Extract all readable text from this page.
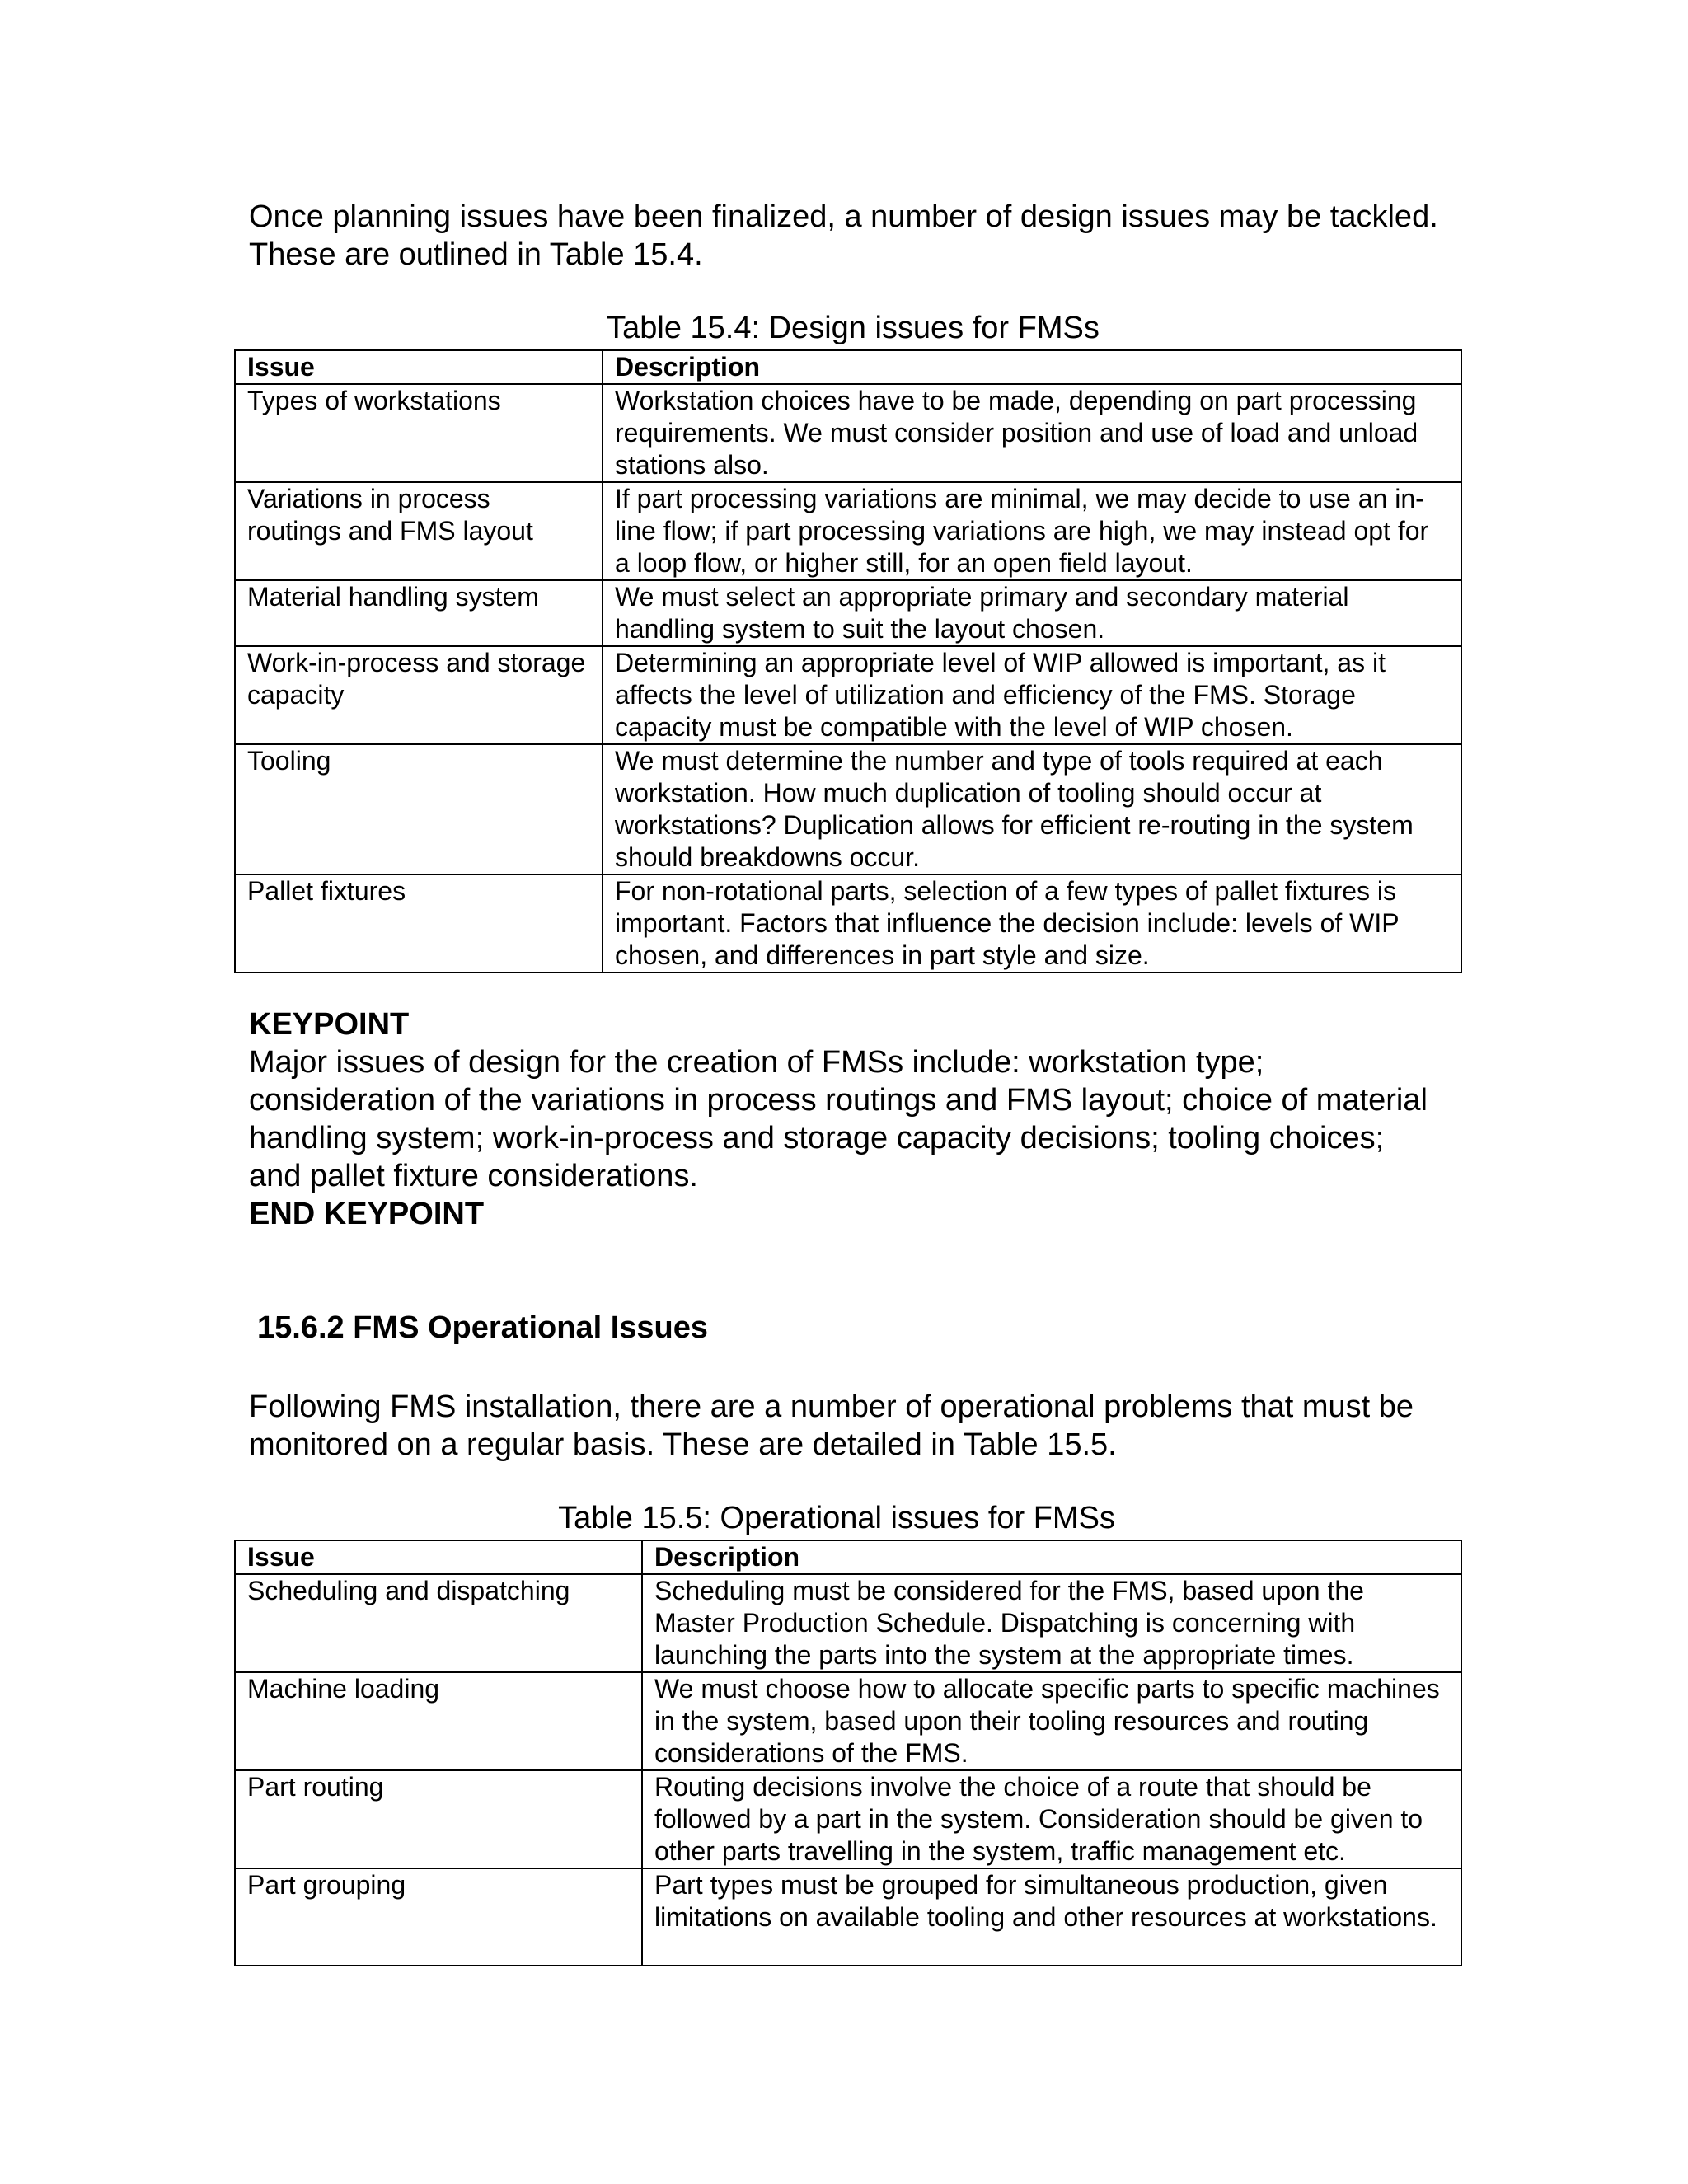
Once planning issues have been finalized, a number of design issues may be tackled. These are outlined in Table 15.4.

Table 15.4: Design issues for FMSs

Issue	Description
Types of workstations	Workstation choices have to be made, depending on part processing requirements. We must consider position and use of load and unload stations also.
Variations in process routings and FMS layout	If part processing variations are minimal, we may decide to use an in-line flow; if part processing variations are high, we may instead opt for a loop flow, or higher still, for an open field layout.
Material handling system	We must select an appropriate primary and secondary material handling system to suit the layout chosen.
Work-in-process and storage capacity	Determining an appropriate level of WIP allowed is important, as it affects the level of utilization and efficiency of the FMS. Storage capacity must be compatible with the level of WIP chosen.
Tooling	We must determine the number and type of tools required at each workstation. How much duplication of tooling should occur at workstations? Duplication allows for efficient re-routing in the system should breakdowns occur.
Pallet fixtures	For non-rotational parts, selection of a few types of pallet fixtures is important. Factors that influence the decision include: levels of WIP chosen, and differences in part style and size.
KEYPOINT
Major issues of design for the creation of FMSs include: workstation type; consideration of the variations in process routings and FMS layout; choice of material handling system; work-in-process and storage capacity decisions; tooling choices; and pallet fixture considerations.
END KEYPOINT

15.6.2 FMS Operational Issues

Following FMS installation, there are a number of operational problems that must be monitored on a regular basis. These are detailed in Table 15.5.

Table 15.5: Operational issues for FMSs

Issue	Description
Scheduling and dispatching	Scheduling must be considered for the FMS, based upon the Master Production Schedule. Dispatching is concerning with launching the parts into the system at the appropriate times.
Machine loading	We must choose how to allocate specific parts to specific machines in the system, based upon their tooling resources and routing considerations of the FMS.
Part routing	Routing decisions involve the choice of a route that should be followed by a part in the system. Consideration should be given to other parts travelling in the system, traffic management etc.
Part grouping	Part types must be grouped for simultaneous production, given limitations on available tooling and other resources at workstations.
